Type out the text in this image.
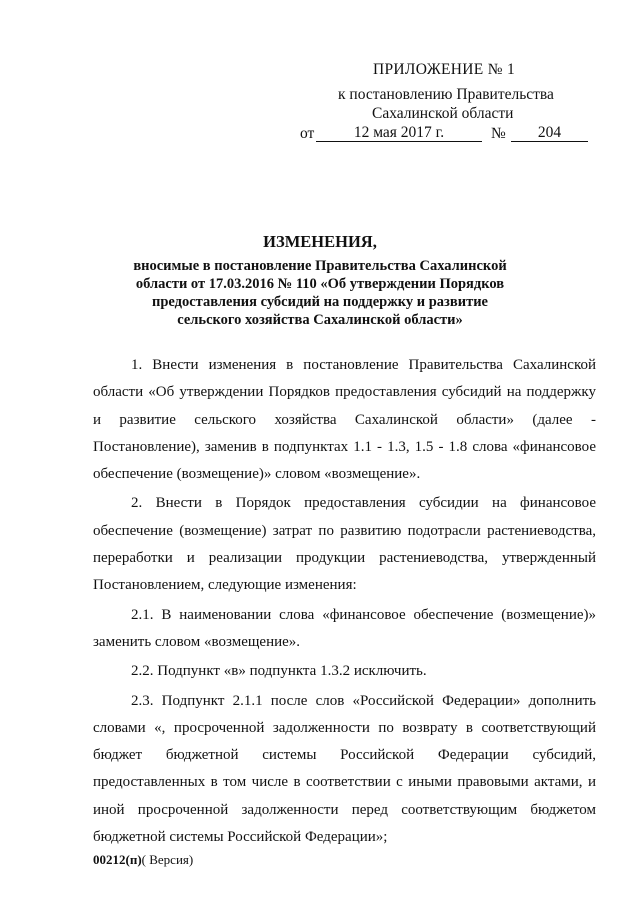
ПРИЛОЖЕНИЕ № 1
к постановлению Правительства
Сахалинской области
от	12 мая 2017 г.	№	204
ИЗМЕНЕНИЯ,
вносимые в постановление Правительства Сахалинской области от 17.03.2016 № 110 «Об утверждении Порядков предоставления субсидий на поддержку и развитие сельского хозяйства Сахалинской области»

1. Внести изменения в постановление Правительства Сахалинской области «Об утверждении Порядков предоставления субсидий на поддержку и развитие сельского хозяйства Сахалинской области» (далее - Постановление), заменив в подпунктах 1.1 - 1.3, 1.5 - 1.8 слова «финансовое обеспечение (возмещение)» словом «возмещение».

2. Внести в Порядок предоставления субсидии на финансовое обеспечение (возмещение) затрат по развитию подотрасли растениеводства, переработки и реализации продукции растениеводства, утвержденный Постановлением, следующие изменения:

2.1. В наименовании слова «финансовое обеспечение (возмещение)» заменить словом «возмещение».

2.2. Подпункт «в» подпункта 1.3.2 исключить.

2.3. Подпункт 2.1.1 после слов «Российской Федерации» дополнить словами «, просроченной задолженности по возврату в соответствующий бюджет бюджетной системы Российской Федерации субсидий, предоставленных в том числе в соответствии с иными правовыми актами, и иной просроченной задолженности перед соответствующим бюджетом бюджетной системы Российской Федерации»;

00212(п)( Версия)
